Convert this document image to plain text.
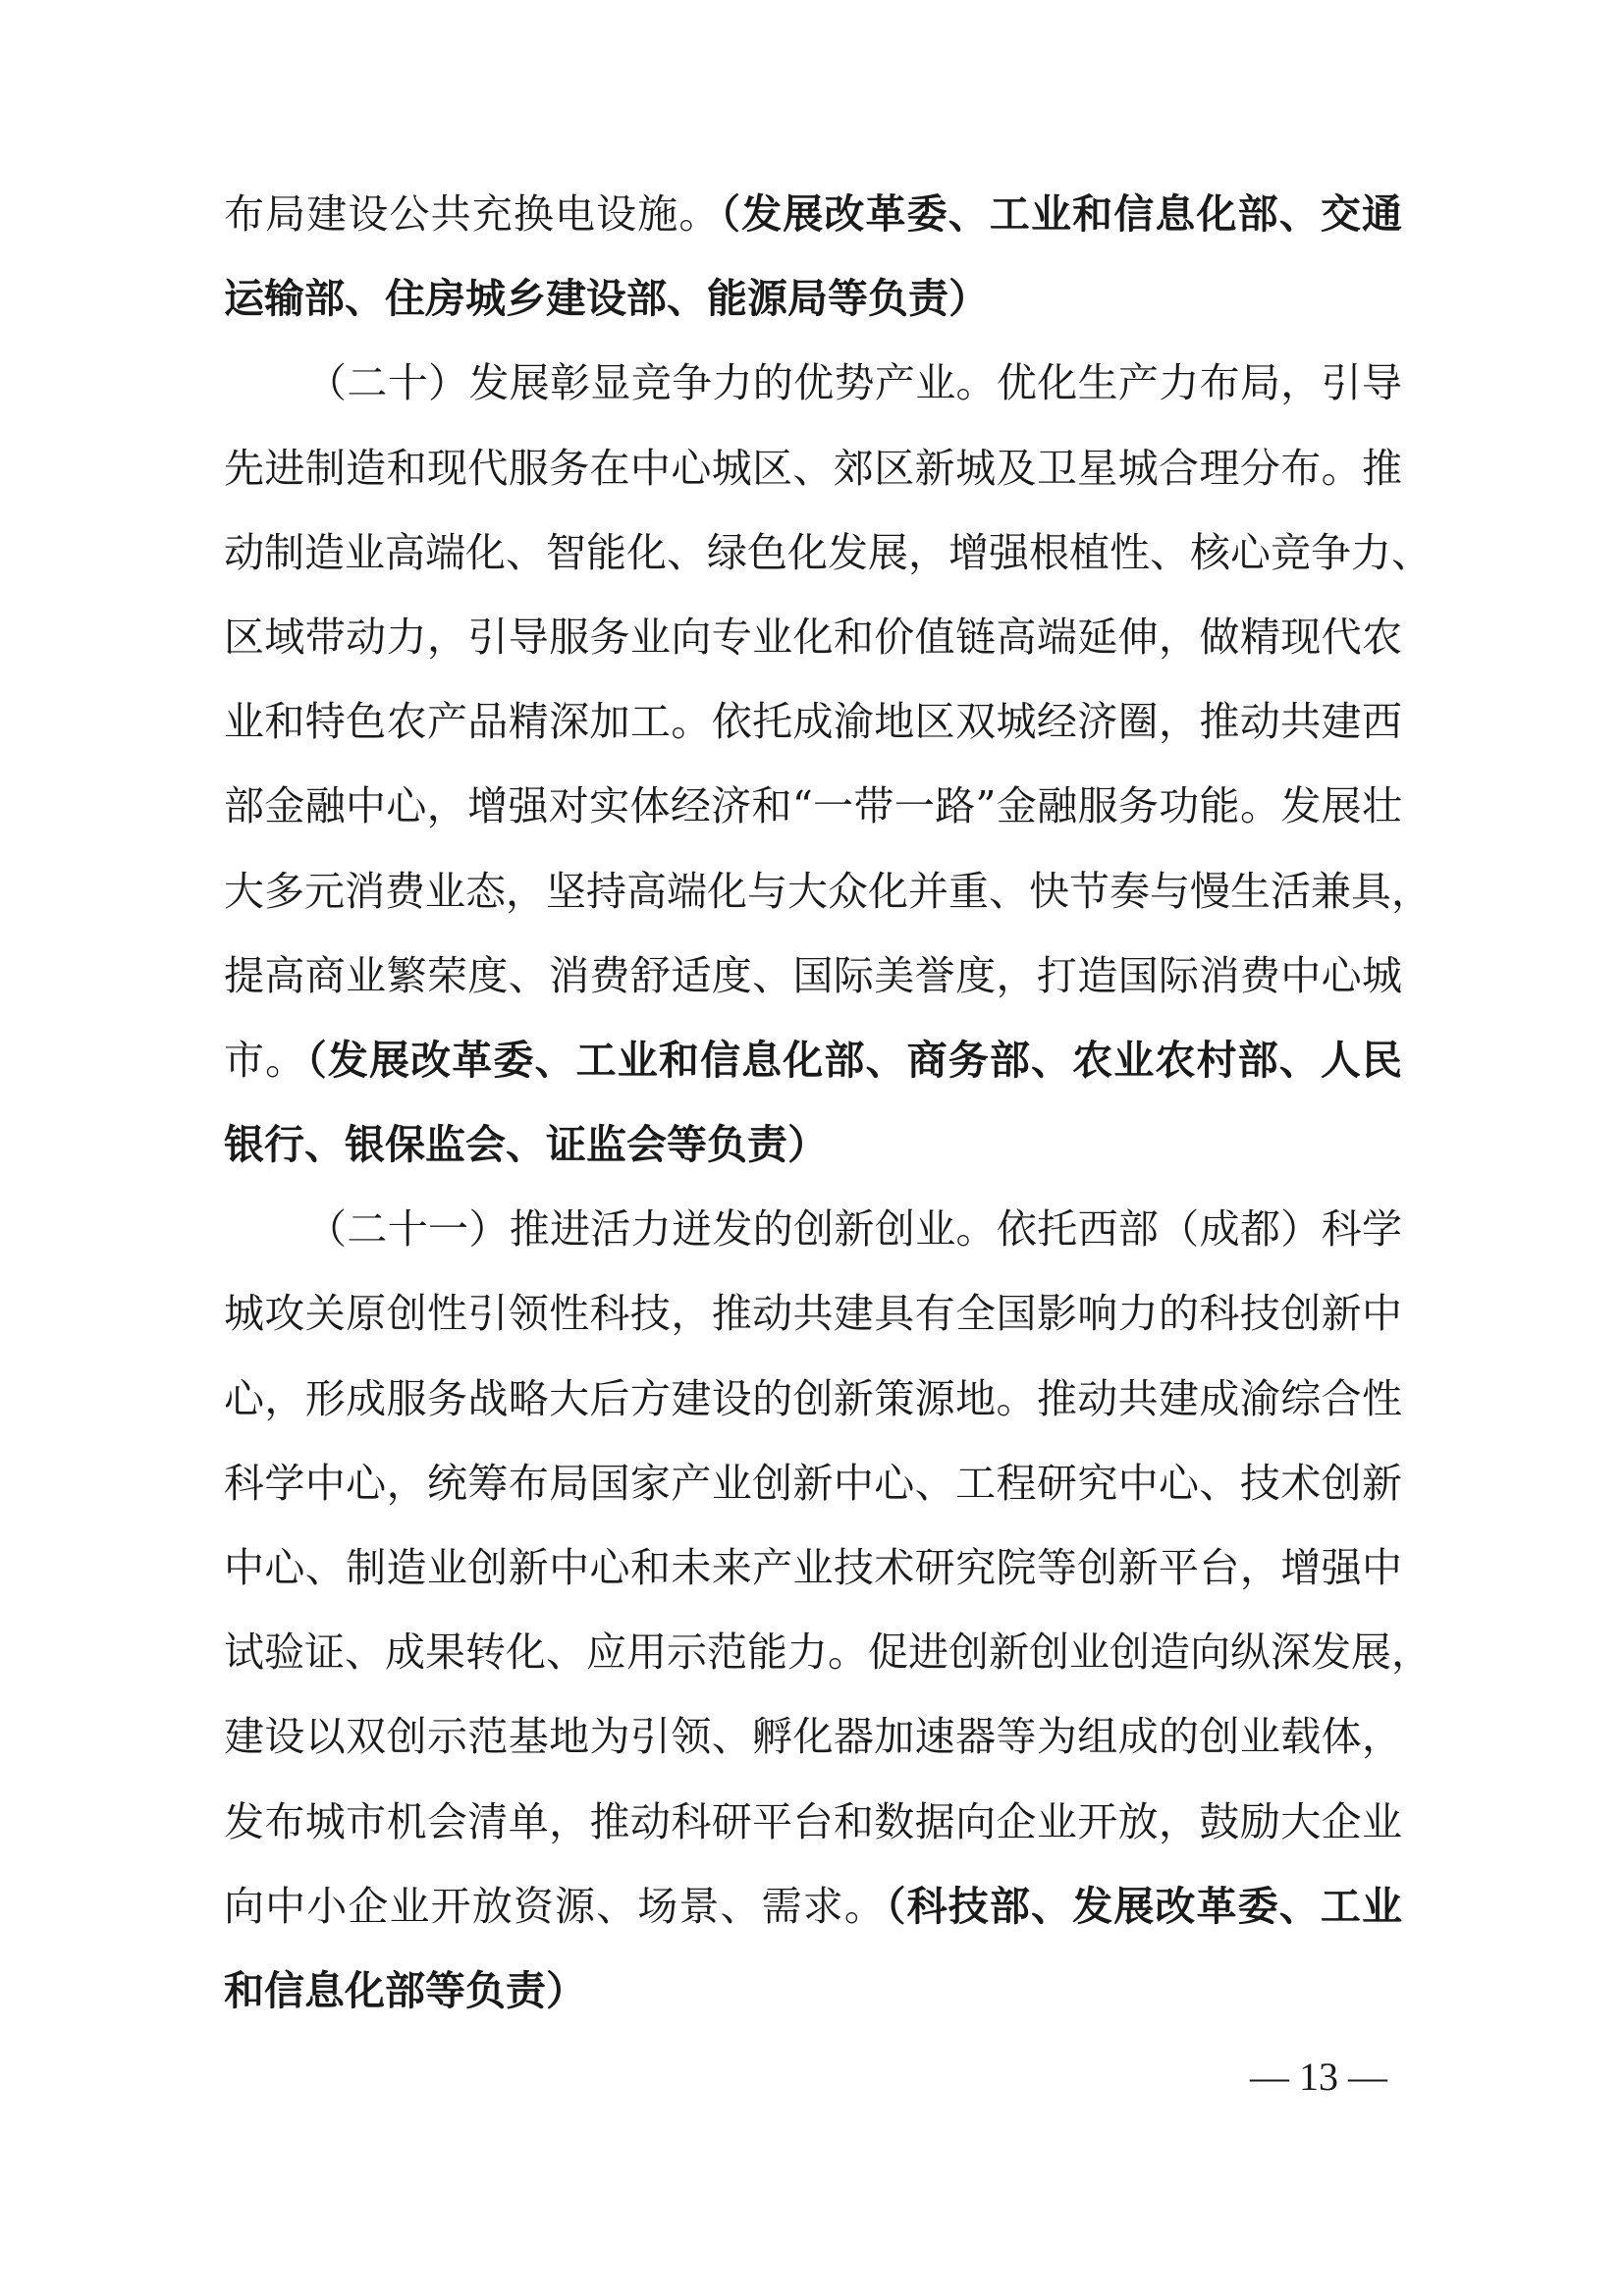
布局建设公共充换电设施。（发展改革委、工业和信息化部、交通
运输部、住房城乡建设部、能源局等负责）
（二十）发展彰显竞争力的优势产业。优化生产力布局，引导
先进制造和现代服务在中心城区、郊区新城及卫星城合理分布。推
动制造业高端化、智能化、绿色化发展，增强根植性、核心竞争力、
区域带动力，引导服务业向专业化和价值链高端延伸，做精现代农
业和特色农产品精深加工。依托成渝地区双城经济圈，推动共建西
部金融中心，增强对实体经济和“一带一路”金融服务功能。发展壮
大多元消费业态，坚持高端化与大众化并重、快节奏与慢生活兼具，
提高商业繁荣度、消费舒适度、国际美誉度，打造国际消费中心城
市。（发展改革委、工业和信息化部、商务部、农业农村部、人民
银行、银保监会、证监会等负责）
（二十一）推进活力迸发的创新创业。依托西部（成都）科学
城攻关原创性引领性科技，推动共建具有全国影响力的科技创新中
心，形成服务战略大后方建设的创新策源地。推动共建成渝综合性
科学中心，统筹布局国家产业创新中心、工程研究中心、技术创新
中心、制造业创新中心和未来产业技术研究院等创新平台，增强中
试验证、成果转化、应用示范能力。促进创新创业创造向纵深发展，
建设以双创示范基地为引领、孵化器加速器等为组成的创业载体，
发布城市机会清单，推动科研平台和数据向企业开放，鼓励大企业
向中小企业开放资源、场景、需求。（科技部、发展改革委、工业
和信息化部等负责）
— 13 —
